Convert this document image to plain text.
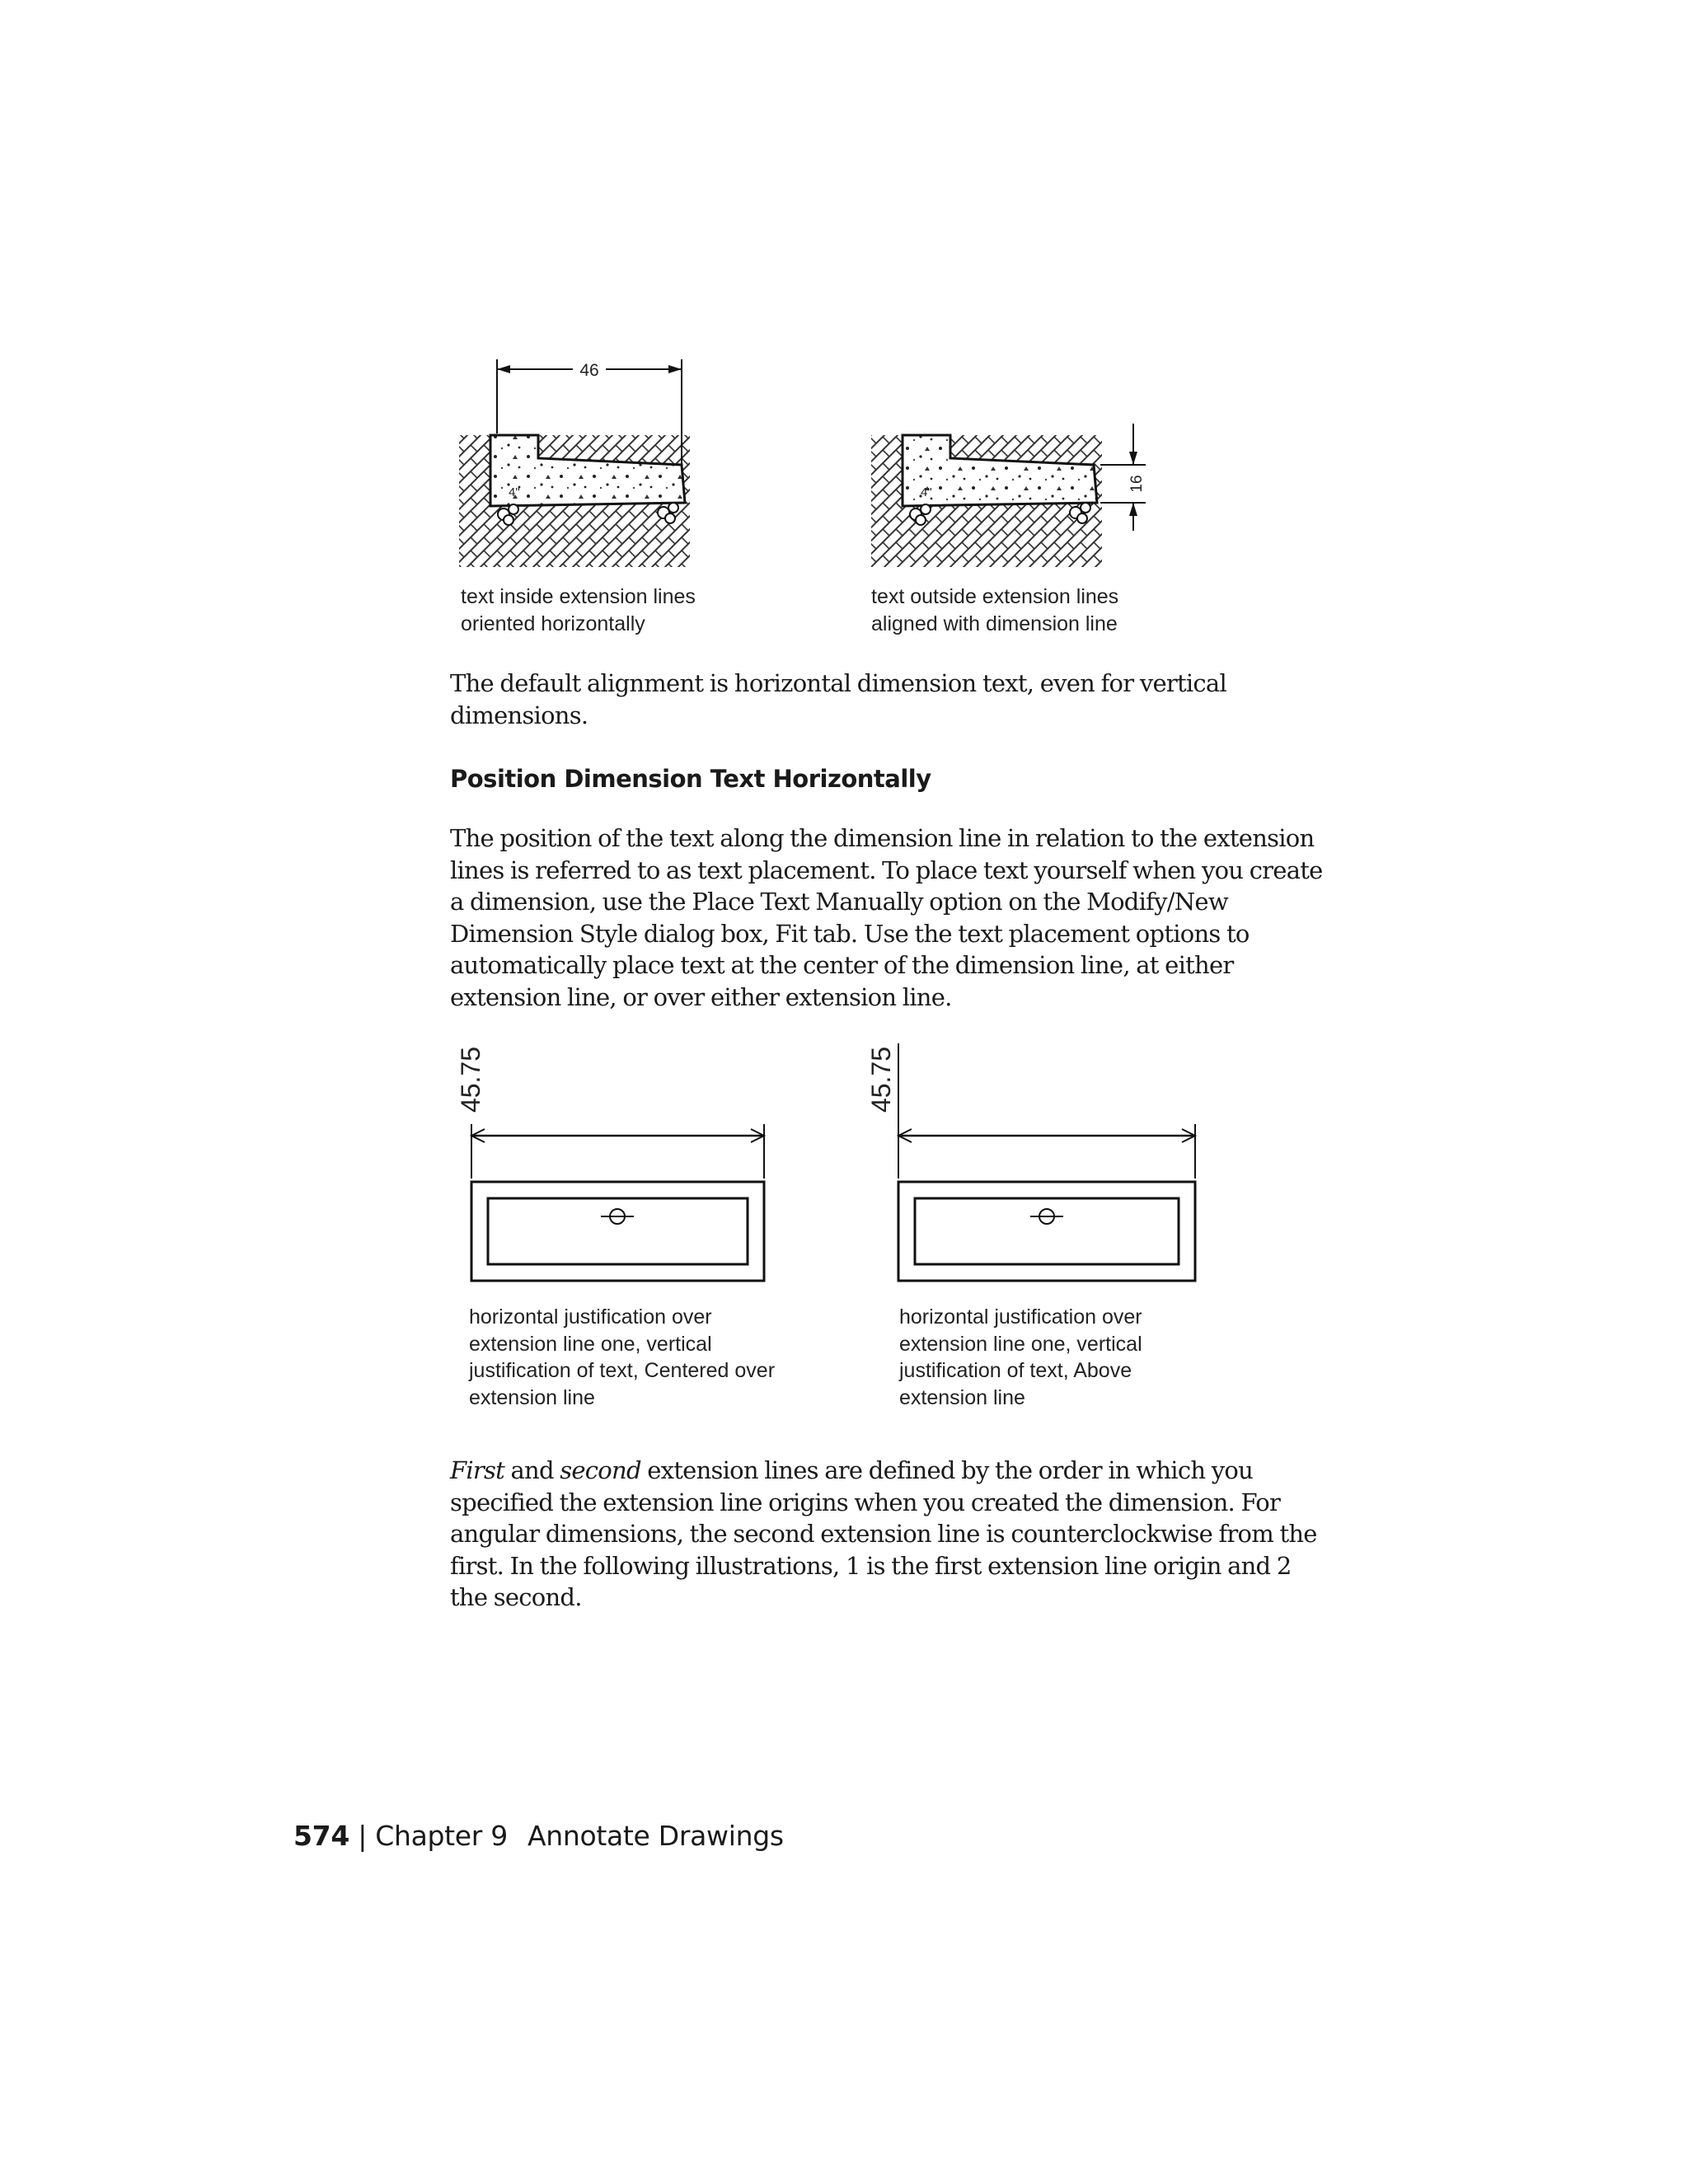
46
4"

text inside extension lines
oriented horizontally

16
4"

text outside extension lines
aligned with dimension line

The default alignment is horizontal dimension text, even for vertical dimensions.

Position Dimension Text Horizontally

The position of the text along the dimension line in relation to the extension lines is referred to as text placement. To place text yourself when you create a dimension, use the Place Text Manually option on the Modify/New Dimension Style dialog box, Fit tab. Use the text placement options to automatically place text at the center of the dimension line, at either extension line, or over either extension line.

45.75

horizontal justification over
extension line one, vertical
justification of text, Centered over
extension line

45.75

horizontal justification over
extension line one, vertical
justification of text, Above
extension line

First and second extension lines are defined by the order in which you specified the extension line origins when you created the dimension. For angular dimensions, the second extension line is counterclockwise from the first. In the following illustrations, 1 is the first extension line origin and 2 the second.

574 | Chapter 9 Annotate Drawings
